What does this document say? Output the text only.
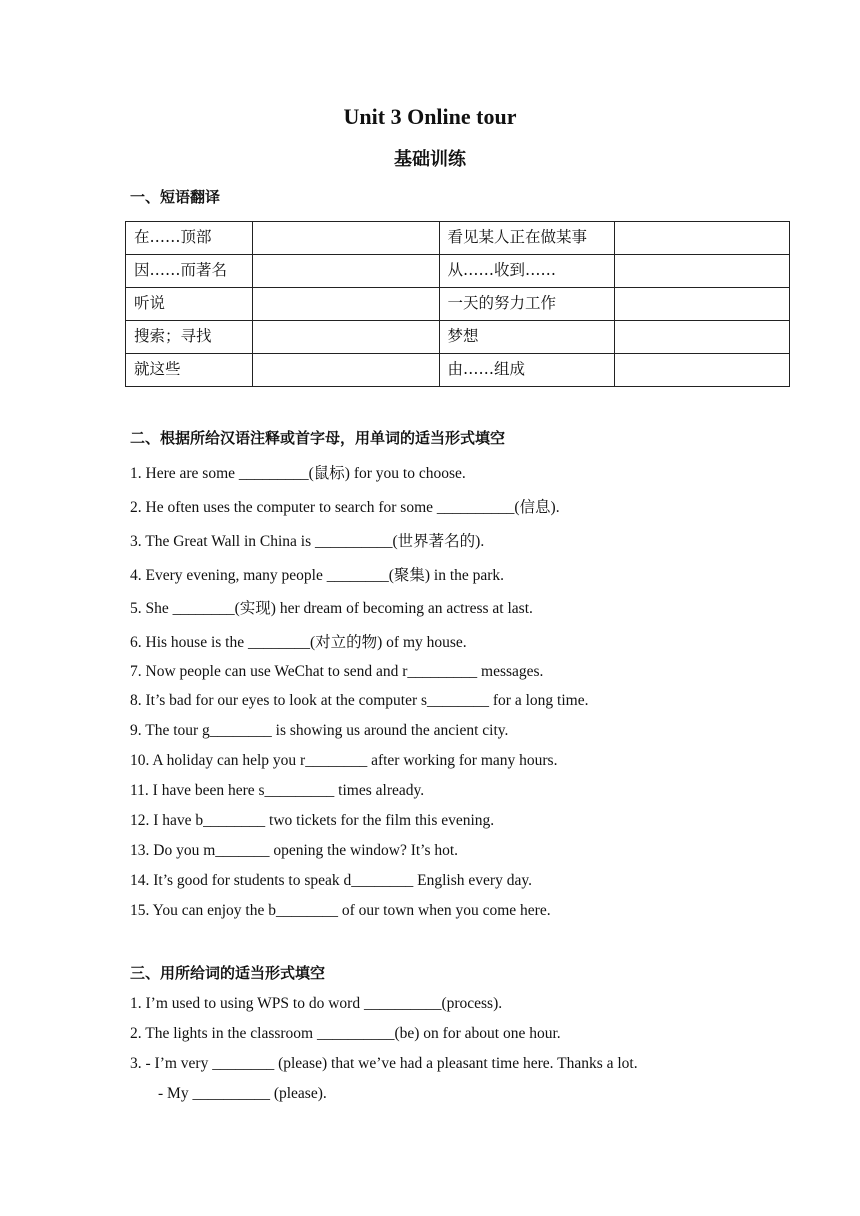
Unit 3 Online tour
基础训练
一、短语翻译
在……顶部		看见某人正在做某事	
因……而著名		从……收到……	
听说		一天的努力工作	
搜索；寻找		梦想	
就这些		由……组成	
二、根据所给汉语注释或首字母，用单词的适当形式填空
1. Here are some _________(鼠标) for you to choose.
2. He often uses the computer to search for some __________(信息).
3. The Great Wall in China is __________(世界著名的).
4. Every evening, many people ________(聚集) in the park.
5. She ________(实现) her dream of becoming an actress at last.
6. His house is the ________(对立的物) of my house.
7. Now people can use WeChat to send and r_________ messages.
8. It’s bad for our eyes to look at the computer s________ for a long time.
9. The tour g________ is showing us around the ancient city.
10. A holiday can help you r________ after working for many hours.
11. I have been here s_________ times already.
12. I have b________ two tickets for the film this evening.
13. Do you m_______ opening the window? It’s hot.
14. It’s good for students to speak d________ English every day.
15. You can enjoy the b________ of our town when you come here.
三、用所给词的适当形式填空
1. I’m used to using WPS to do word __________(process).
2. The lights in the classroom __________(be) on for about one hour.
3. - I’m very ________ (please) that we’ve had a pleasant time here. Thanks a lot.
- My __________ (please).
